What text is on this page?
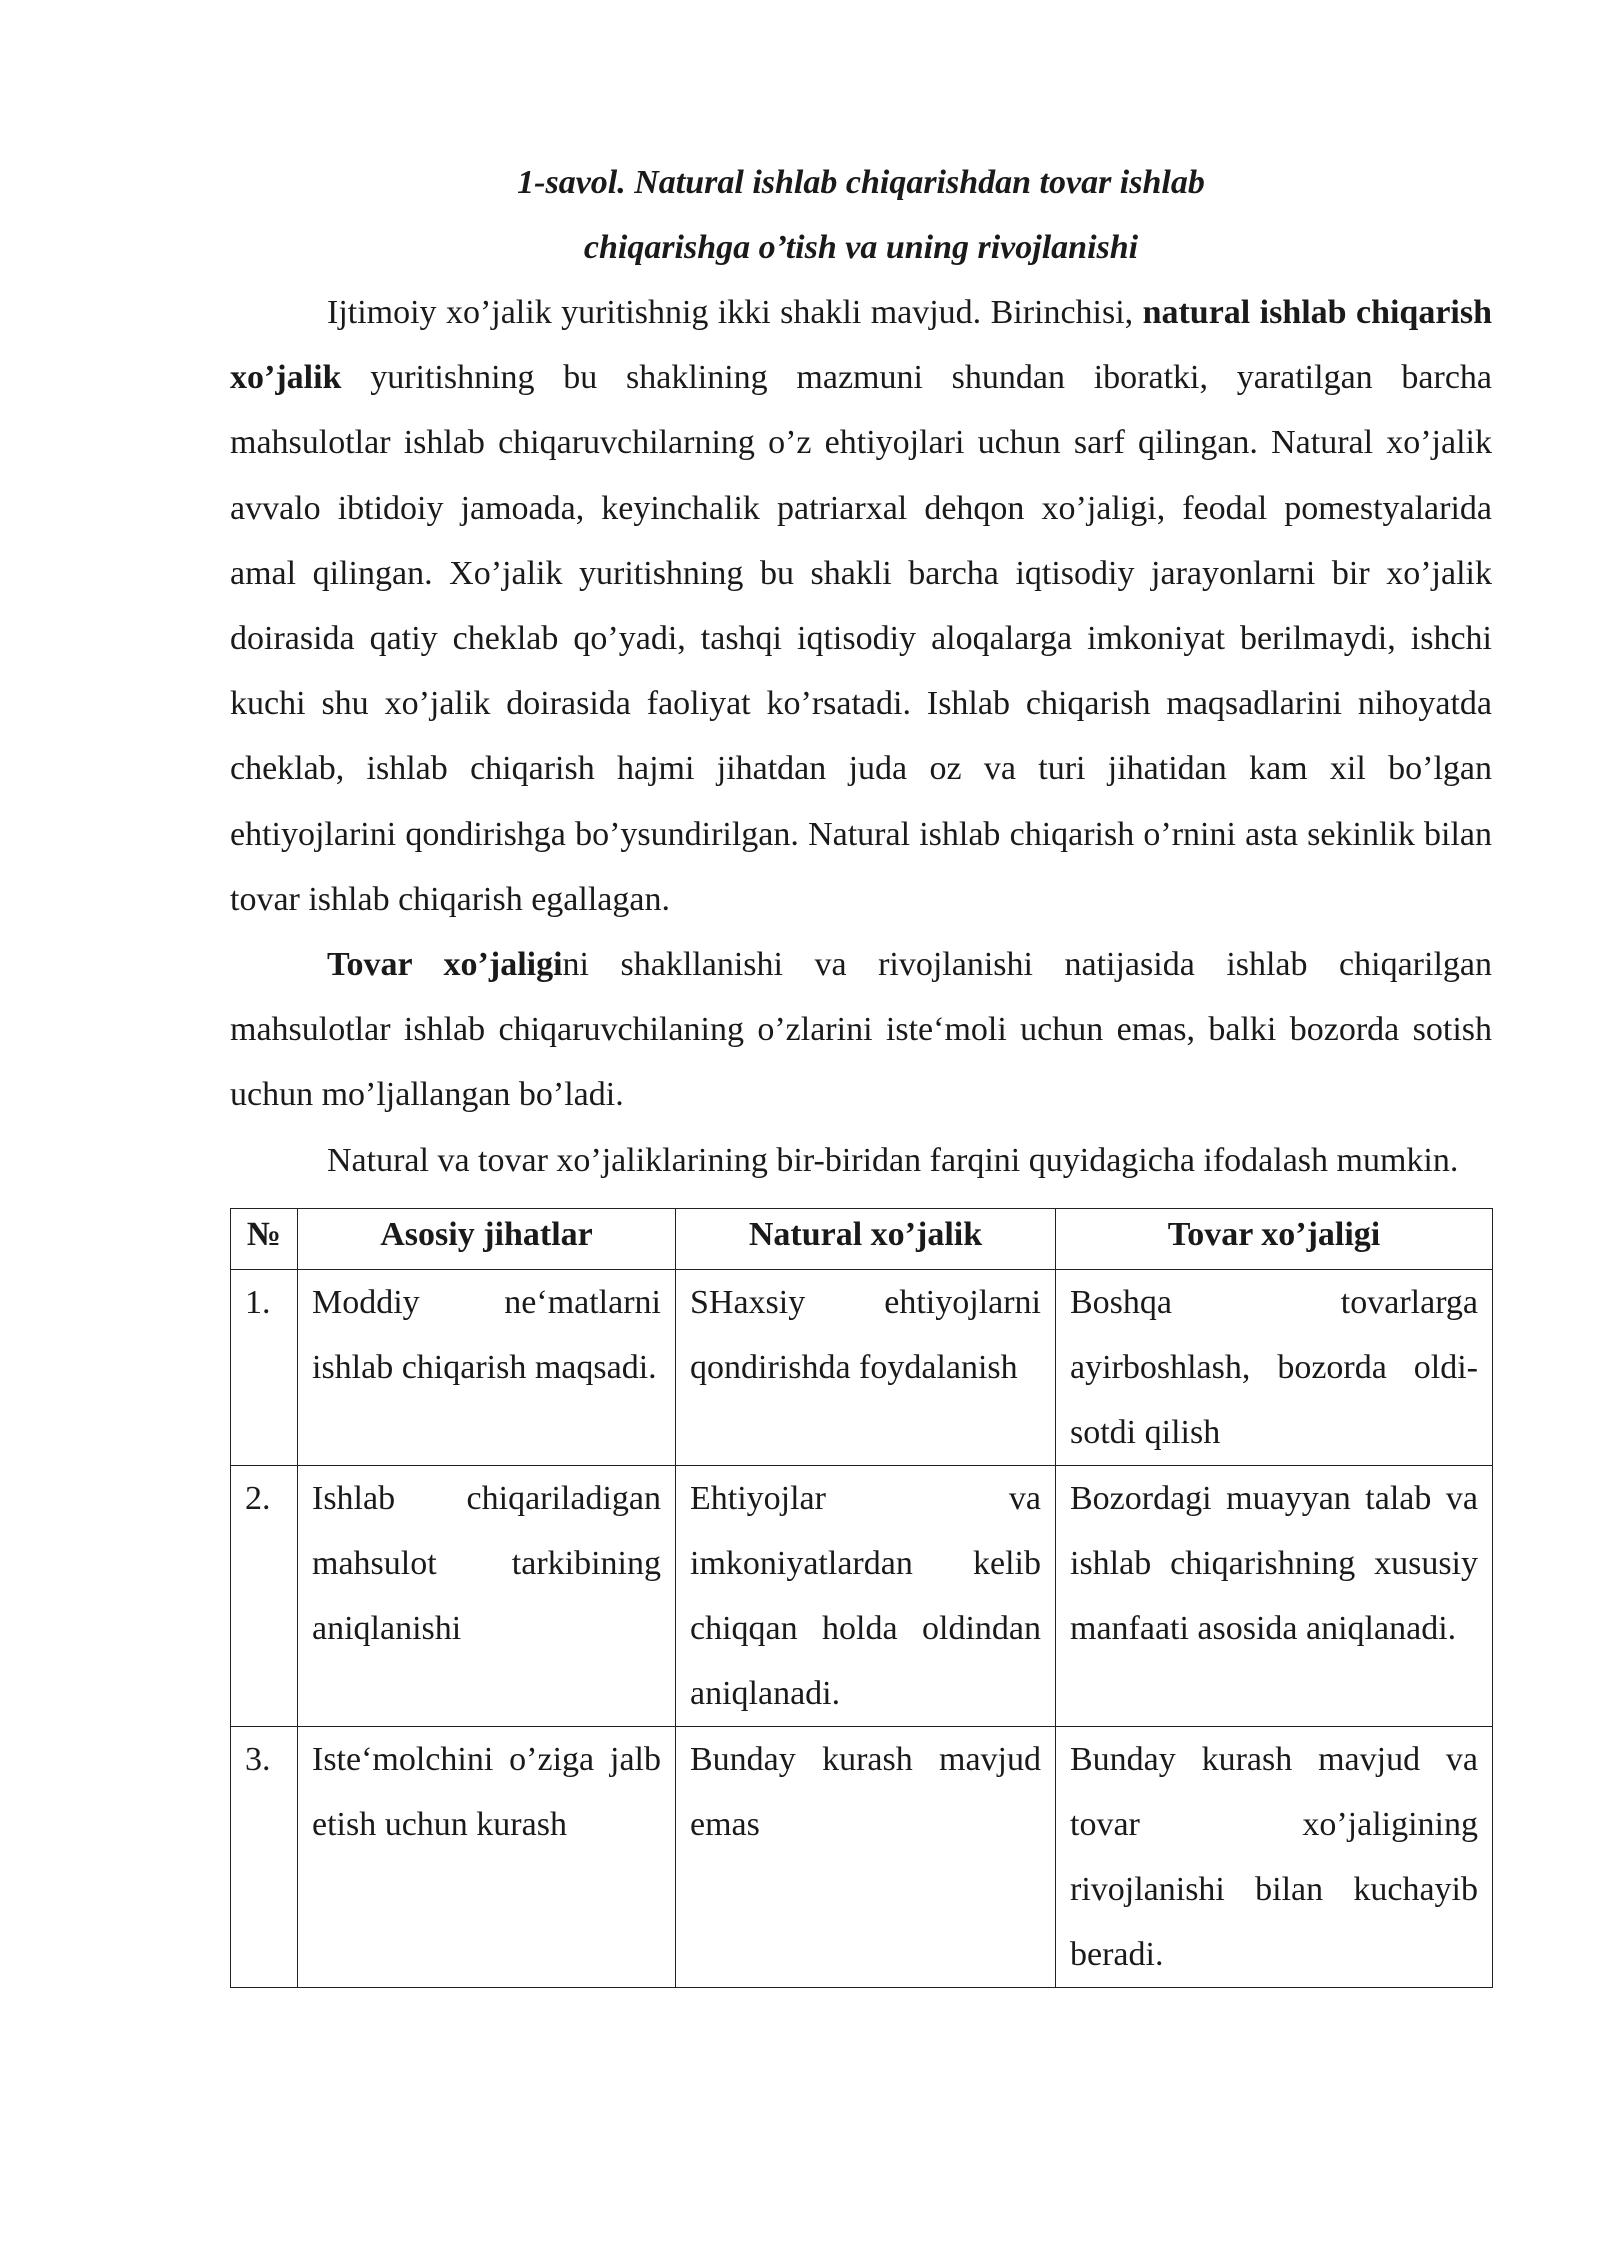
1-savol. Natural ishlab chiqarishdan tovar ishlab

chiqarishga o’tish va uning rivojlanishi

Ijtimoiy xo’jalik yuritishnig ikki shakli mavjud. Birinchisi, natural ishlab chiqarish xo’jalik yuritishning bu shaklining mazmuni shundan iboratki, yaratilgan barcha mahsulotlar ishlab chiqaruvchilarning o’z ehtiyojlari uchun sarf qilingan. Natural xo’jalik avvalo ibtidoiy jamoada, keyinchalik patriarxal dehqon xo’jaligi, feodal pomestyalarida amal qilingan. Xo’jalik yuritishning bu shakli barcha iqtisodiy jarayonlarni bir xo’jalik doirasida qatiy cheklab qo’yadi, tashqi iqtisodiy aloqalarga imkoniyat berilmaydi, ishchi kuchi shu xo’jalik doirasida faoliyat ko’rsatadi. Ishlab chiqarish maqsadlarini nihoyatda cheklab, ishlab chiqarish hajmi jihatdan juda oz va turi jihatidan kam xil bo’lgan ehtiyojlarini qondirishga bo’ysundirilgan. Natural ishlab chiqarish o’rnini asta sekinlik bilan tovar ishlab chiqarish egallagan.

Tovar xo’jaligini shakllanishi va rivojlanishi natijasida ishlab chiqarilgan mahsulotlar ishlab chiqaruvchilaning o’zlarini iste‘moli uchun emas, balki bozorda sotish uchun mo’ljallangan bo’ladi.

Natural va tovar xo’jaliklarining bir-biridan farqini quyidagicha ifodalash mumkin.

№	Asosiy jihatlar	Natural xo’jalik	Tovar xo’jaligi
1.	Moddiy ne‘matlarni ishlab chiqarish maqsadi.	SHaxsiy ehtiyojlarni qondirishda foydalanish	Boshqa tovarlarga ayirboshlash, bozorda oldi-sotdi qilish
2.	Ishlab chiqariladigan mahsulot tarkibining aniqlanishi	Ehtiyojlar va imkoniyatlardan kelib chiqqan holda oldindan aniqlanadi.	Bozordagi muayyan talab va ishlab chiqarishning xususiy manfaati asosida aniqlanadi.
3.	Iste‘molchini o’ziga jalb etish uchun kurash	Bunday kurash mavjud emas	Bunday kurash mavjud va tovar xo’jaligining rivojlanishi bilan kuchayib beradi.
